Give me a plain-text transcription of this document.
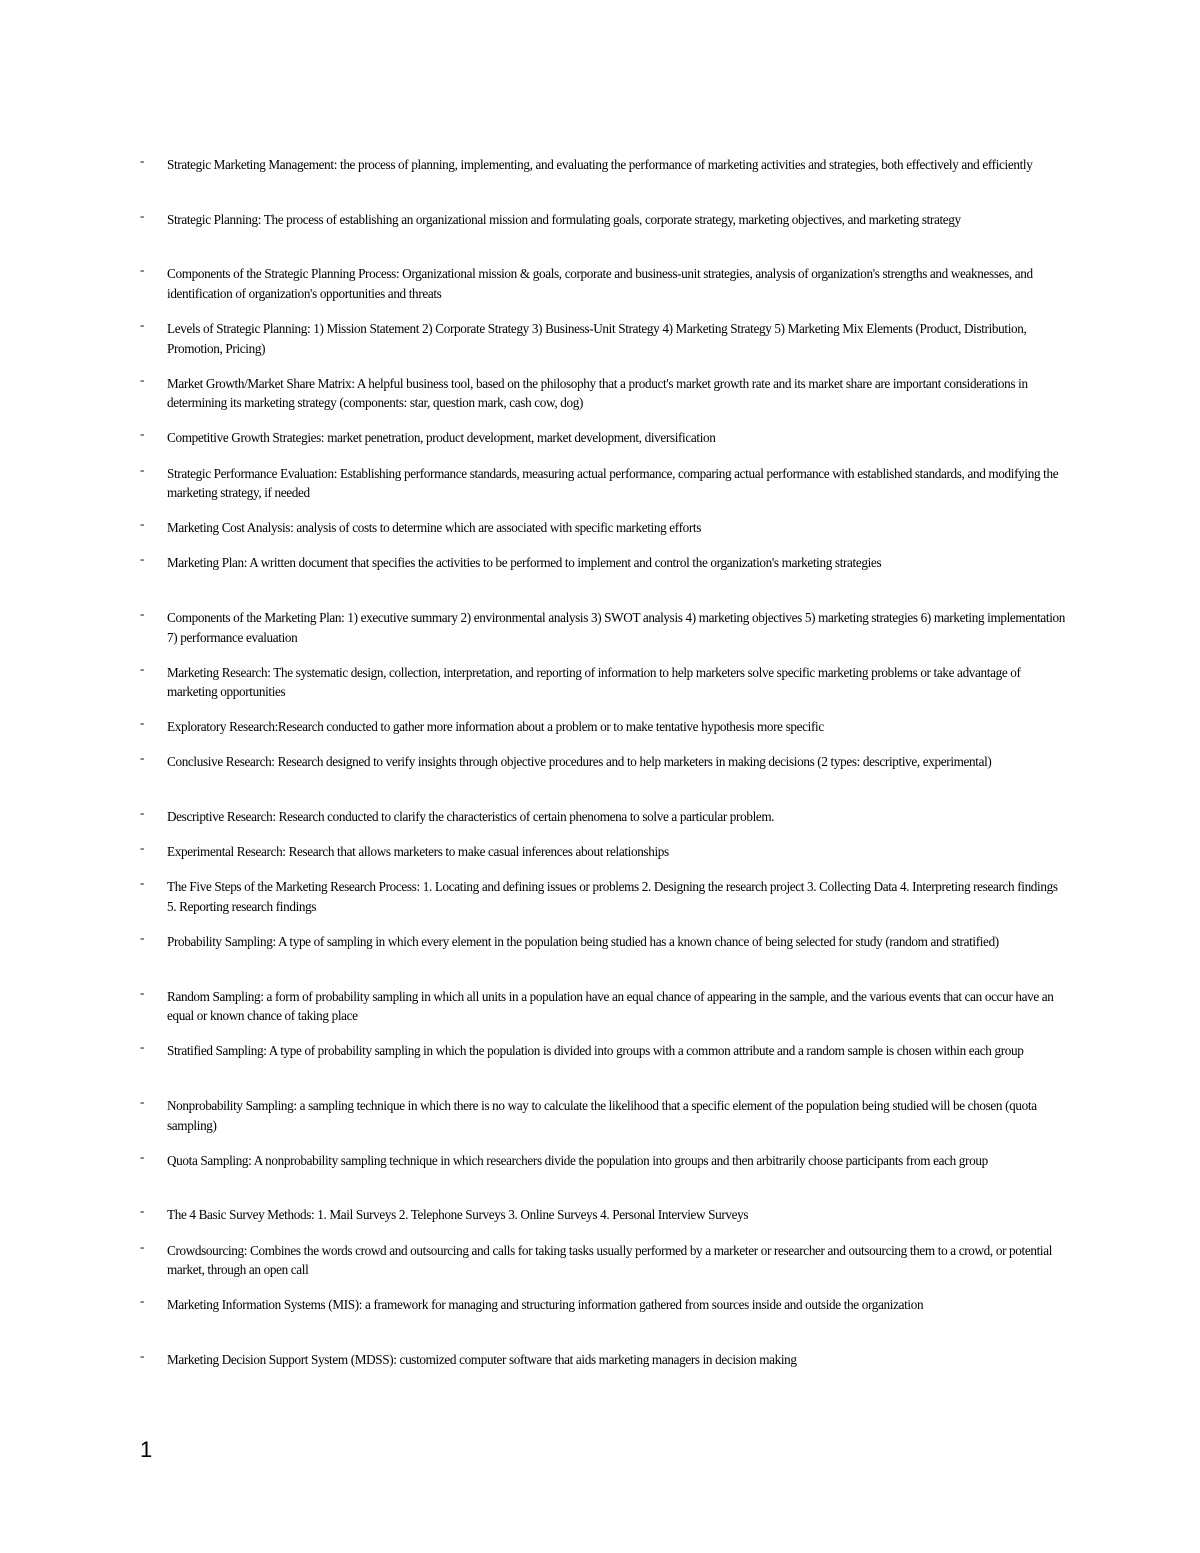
- Strategic Marketing Management: the process of planning, implementing, and evaluating the performance of marketing activities and strategies, both effectively and efficiently
- Strategic Planning: The process of establishing an organizational mission and formulating goals, corporate strategy, marketing objectives, and marketing strategy
- Components of the Strategic Planning Process: Organizational mission & goals, corporate and business-unit strategies, analysis of organization's strengths and weaknesses, and identification of organization's opportunities and threats
- Levels of Strategic Planning: 1) Mission Statement 2) Corporate Strategy 3) Business-Unit Strategy 4) Marketing Strategy 5) Marketing Mix Elements (Product, Distribution, Promotion, Pricing)
- Market Growth/Market Share Matrix: A helpful business tool, based on the philosophy that a product's market growth rate and its market share are important considerations in determining its marketing strategy (components: star, question mark, cash cow, dog)
- Competitive Growth Strategies: market penetration, product development, market development, diversification
- Strategic Performance Evaluation: Establishing performance standards, measuring actual performance, comparing actual performance with established standards, and modifying the marketing strategy, if needed
- Marketing Cost Analysis: analysis of costs to determine which are associated with specific marketing efforts
- Marketing Plan: A written document that specifies the activities to be performed to implement and control the organization's marketing strategies
- Components of the Marketing Plan: 1) executive summary 2) environmental analysis 3) SWOT analysis 4) marketing objectives 5) marketing strategies 6) marketing implementation 7) performance evaluation
- Marketing Research: The systematic design, collection, interpretation, and reporting of information to help marketers solve specific marketing problems or take advantage of marketing opportunities
- Exploratory Research:Research conducted to gather more information about a problem or to make tentative hypothesis more specific
- Conclusive Research: Research designed to verify insights through objective procedures and to help marketers in making decisions (2 types: descriptive, experimental)
- Descriptive Research: Research conducted to clarify the characteristics of certain phenomena to solve a particular problem.
- Experimental Research: Research that allows marketers to make casual inferences about relationships
- The Five Steps of the Marketing Research Process: 1. Locating and defining issues or problems 2. Designing the research project 3. Collecting Data 4. Interpreting research findings 5. Reporting research findings
- Probability Sampling: A type of sampling in which every element in the population being studied has a known chance of being selected for study (random and stratified)
- Random Sampling: a form of probability sampling in which all units in a population have an equal chance of appearing in the sample, and the various events that can occur have an equal or known chance of taking place
- Stratified Sampling: A type of probability sampling in which the population is divided into groups with a common attribute and a random sample is chosen within each group
- Nonprobability Sampling: a sampling technique in which there is no way to calculate the likelihood that a specific element of the population being studied will be chosen (quota sampling)
- Quota Sampling: A nonprobability sampling technique in which researchers divide the population into groups and then arbitrarily choose participants from each group
- The 4 Basic Survey Methods: 1. Mail Surveys 2. Telephone Surveys 3. Online Surveys 4. Personal Interview Surveys
- Crowdsourcing: Combines the words crowd and outsourcing and calls for taking tasks usually performed by a marketer or researcher and outsourcing them to a crowd, or potential market, through an open call
- Marketing Information Systems (MIS): a framework for managing and structuring information gathered from sources inside and outside the organization
- Marketing Decision Support System (MDSS): customized computer software that aids marketing managers in decision making
1
